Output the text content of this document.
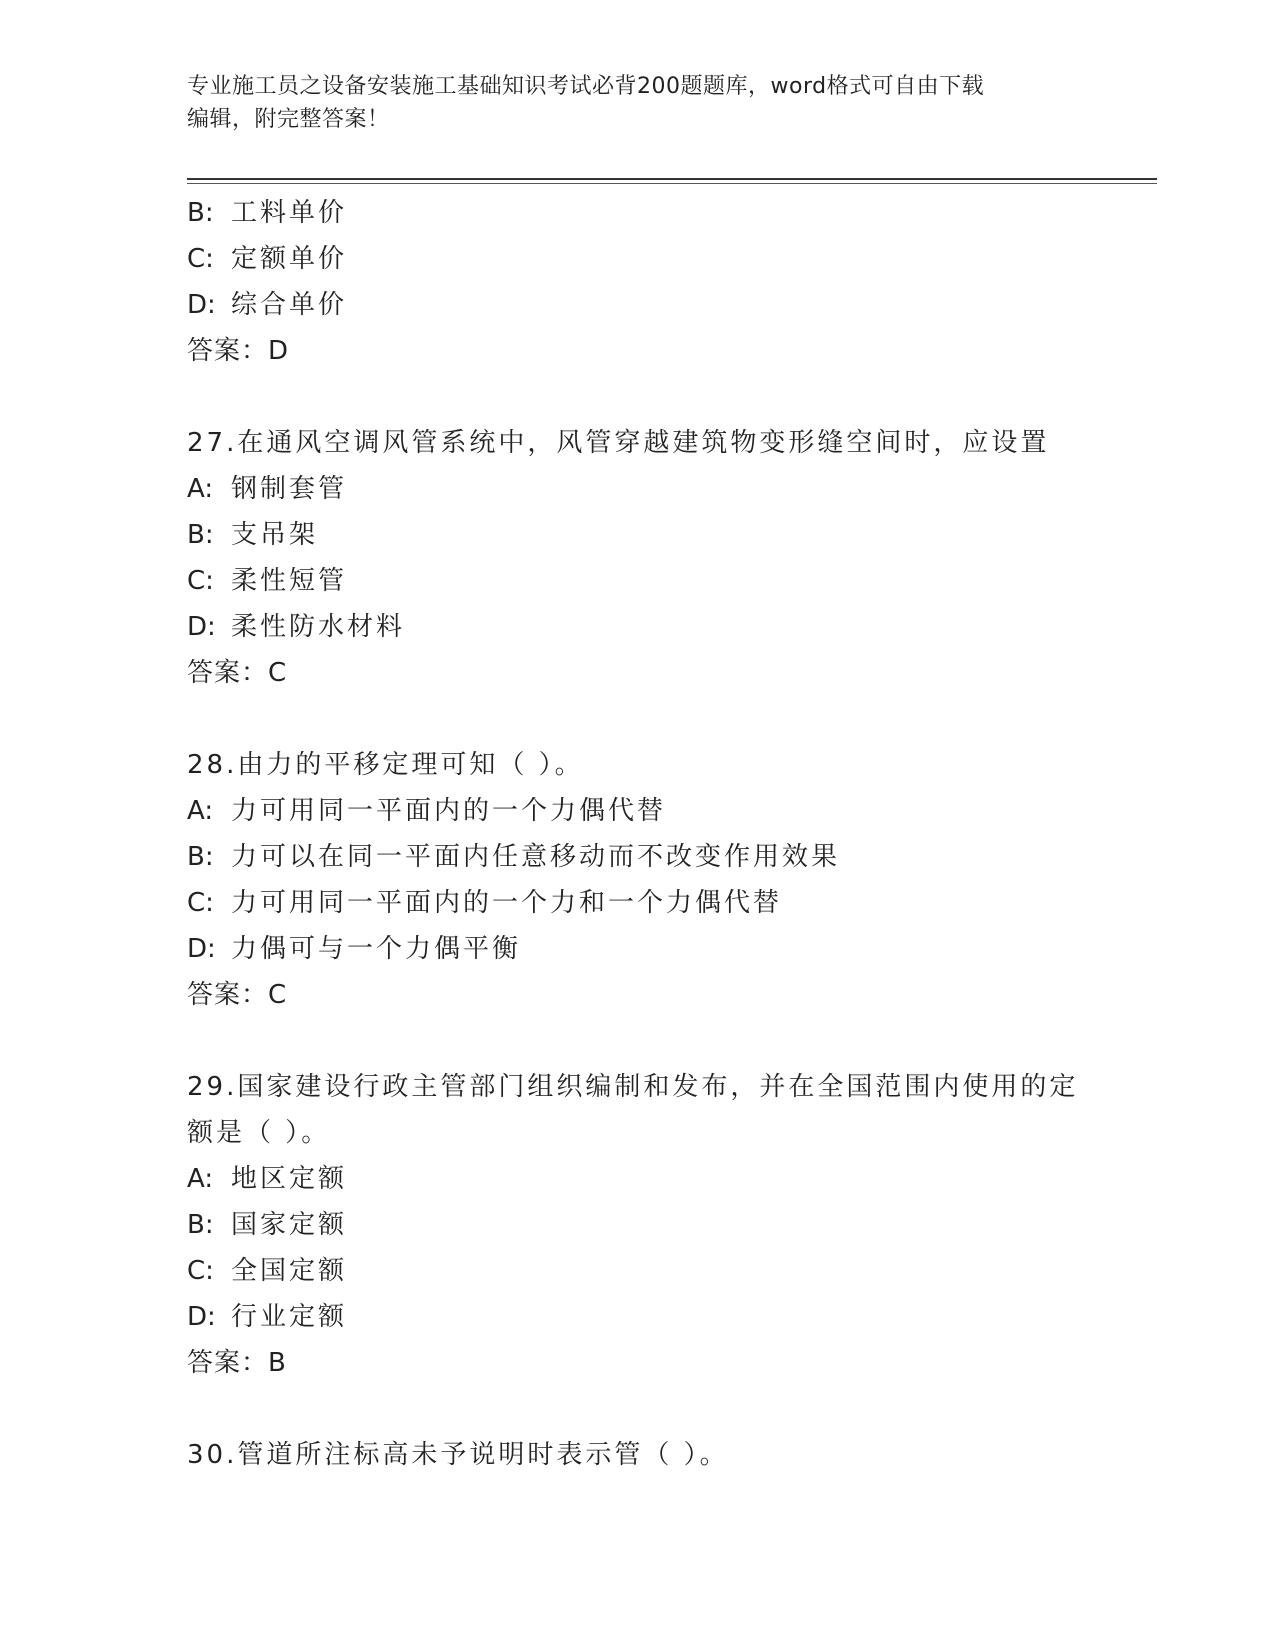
专业施工员之设备安装施工基础知识考试必背200题题库，word格式可自由下载
编辑，附完整答案！
B: 工料单价
C: 定额单价
D: 综合单价
答案：D
27.在通风空调风管系统中，风管穿越建筑物变形缝空间时，应设置
A: 钢制套管
B: 支吊架
C: 柔性短管
D: 柔性防水材料
答案：C
28.由力的平移定理可知（ ）。
A: 力可用同一平面内的一个力偶代替
B: 力可以在同一平面内任意移动而不改变作用效果
C: 力可用同一平面内的一个力和一个力偶代替
D: 力偶可与一个力偶平衡
答案：C
29.国家建设行政主管部门组织编制和发布，并在全国范围内使用的定
额是（ ）。
A: 地区定额
B: 国家定额
C: 全国定额
D: 行业定额
答案：B
30.管道所注标高未予说明时表示管（ ）。
